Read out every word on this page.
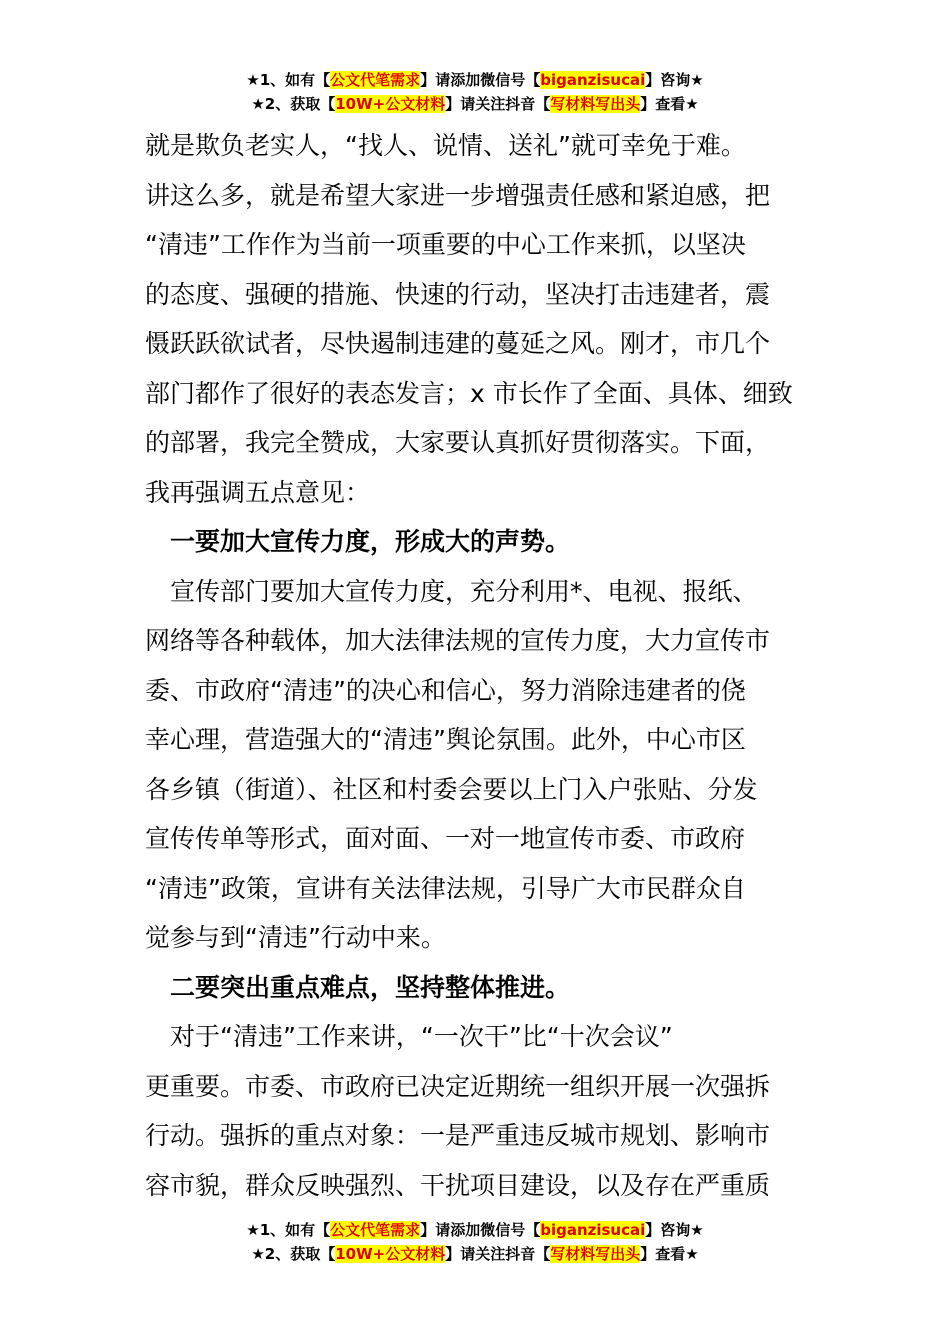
★1、如有【公文代笔需求】请添加微信号【biganzisucai】咨询★
★2、获取【10W+公文材料】请关注抖音【写材料写出头】查看★
就是欺负老实人，“找人、说情、送礼”就可幸免于难。
讲这么多，就是希望大家进一步增强责任感和紧迫感，把
“清违”工作作为当前一项重要的中心工作来抓，以坚决
的态度、强硬的措施、快速的行动，坚决打击违建者，震
慑跃跃欲试者，尽快遏制违建的蔓延之风。刚才，市几个
部门都作了很好的表态发言；x 市长作了全面、具体、细致
的部署，我完全赞成，大家要认真抓好贯彻落实。下面，
我再强调五点意见：
　一要加大宣传力度，形成大的声势。
　宣传部门要加大宣传力度，充分利用*、电视、报纸、
网络等各种载体，加大法律法规的宣传力度，大力宣传市
委、市政府“清违”的决心和信心，努力消除违建者的侥
幸心理，营造强大的“清违”舆论氛围。此外，中心市区
各乡镇（街道）、社区和村委会要以上门入户张贴、分发
宣传传单等形式，面对面、一对一地宣传市委、市政府
“清违”政策，宣讲有关法律法规，引导广大市民群众自
觉参与到“清违”行动中来。
　二要突出重点难点，坚持整体推进。
　对于“清违”工作来讲，“一次干”比“十次会议”
更重要。市委、市政府已决定近期统一组织开展一次强拆
行动。强拆的重点对象：一是严重违反城市规划、影响市
容市貌，群众反映强烈、干扰项目建设，以及存在严重质
★1、如有【公文代笔需求】请添加微信号【biganzisucai】咨询★
★2、获取【10W+公文材料】请关注抖音【写材料写出头】查看★
